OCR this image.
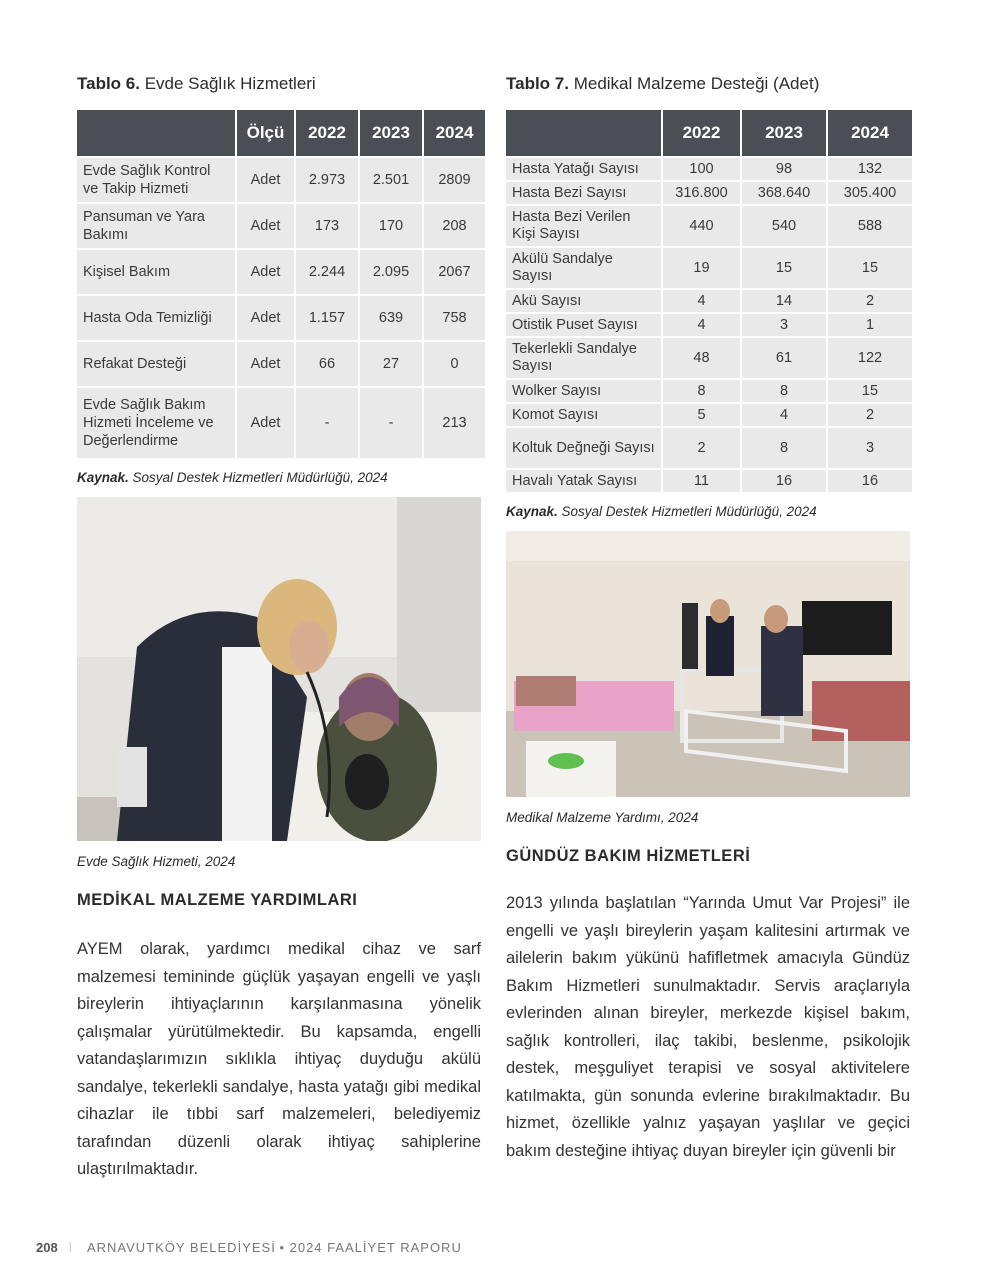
Tablo 6. Evde Sağlık Hizmetleri
	Ölçü	2022	2023	2024
Evde Sağlık Kontrol ve Takip Hizmeti	Adet	2.973	2.501	2809
Pansuman ve Yara Bakımı	Adet	173	170	208
Kişisel Bakım	Adet	2.244	2.095	2067
Hasta Oda Temizliği	Adet	1.157	639	758
Refakat Desteği	Adet	66	27	0
Evde Sağlık Bakım Hizmeti İnceleme ve Değerlendirme	Adet	-	-	213
Kaynak. Sosyal Destek Hizmetleri Müdürlüğü, 2024
Evde Sağlık Hizmeti, 2024
MEDİKAL MALZEME YARDIMLARI
AYEM olarak, yardımcı medikal cihaz ve sarf malzemesi temininde güçlük yaşayan engelli ve yaşlı bireylerin ihtiyaçlarının karşılanmasına yönelik çalışmalar yürütülmektedir. Bu kapsamda, engelli vatandaşlarımızın sıklıkla ihtiyaç duyduğu akülü sandalye, tekerlekli sandalye, hasta yatağı gibi medikal cihazlar ile tıbbi sarf malzemeleri, belediyemiz tarafından düzenli olarak ihtiyaç sahiplerine ulaştırılmaktadır.
Tablo 7. Medikal Malzeme Desteği (Adet)
	2022	2023	2024
Hasta Yatağı Sayısı	100	98	132
Hasta Bezi Sayısı	316.800	368.640	305.400
Hasta Bezi Verilen Kişi Sayısı	440	540	588
Akülü Sandalye Sayısı	19	15	15
Akü Sayısı	4	14	2
Otistik Puset Sayısı	4	3	1
Tekerlekli Sandalye Sayısı	48	61	122
Wolker Sayısı	8	8	15
Komot Sayısı	5	4	2
Koltuk Değneği Sayısı	2	8	3
Havalı Yatak Sayısı	11	16	16
Kaynak. Sosyal Destek Hizmetleri Müdürlüğü, 2024
Medikal Malzeme Yardımı, 2024
GÜNDÜZ BAKIM HİZMETLERİ
2013 yılında başlatılan “Yarında Umut Var Projesi” ile engelli ve yaşlı bireylerin yaşam kalitesini artırmak ve ailelerin bakım yükünü hafifletmek amacıyla Gündüz Bakım Hizmetleri sunulmaktadır. Servis araçlarıyla evlerinden alınan bireyler, merkezde kişisel bakım, sağlık kontrolleri, ilaç takibi, beslenme, psikolojik destek, meşguliyet terapisi ve sosyal aktivitelere katılmakta, gün sonunda evlerine bırakılmaktadır. Bu hizmet, özellikle yalnız yaşayan yaşlılar ve geçici bakım desteğine ihtiyaç duyan bireyler için güvenli bir
208 ⦚ ARNAVUTKÖY BELEDİYESİ • 2024 FAALİYET RAPORU
